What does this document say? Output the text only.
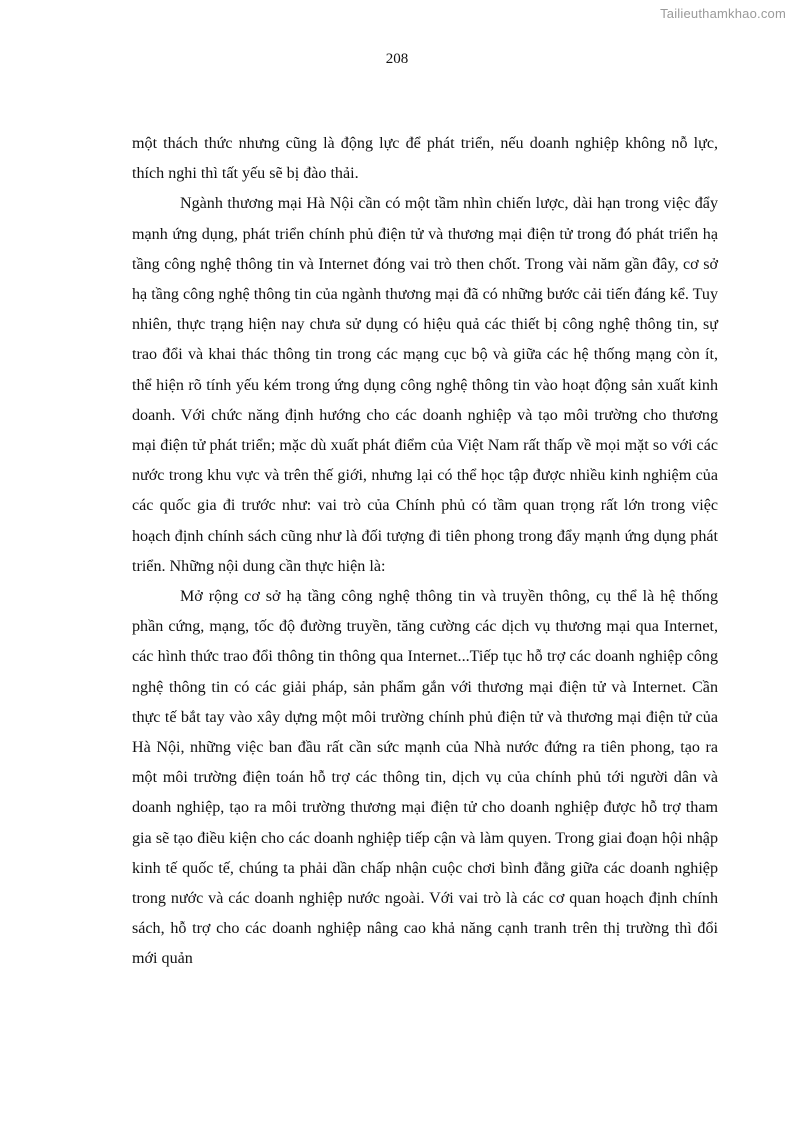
Tailieuthamkhao.com
208

một thách thức nhưng cũng là động lực để phát triển, nếu doanh nghiệp không nỗ lực, thích nghi thì tất yếu sẽ bị đào thải.

Ngành thương mại Hà Nội cần có một tầm nhìn chiến lược, dài hạn trong việc đẩy mạnh ứng dụng, phát triển chính phủ điện tử và thương mại điện tử trong đó phát triển hạ tầng công nghệ thông tin và Internet đóng vai trò then chốt. Trong vài năm gần đây, cơ sở hạ tầng công nghệ thông tin của ngành thương mại đã có những bước cải tiến đáng kể. Tuy nhiên, thực trạng hiện nay chưa sử dụng có hiệu quả các thiết bị công nghệ thông tin, sự trao đổi và khai thác thông tin trong các mạng cục bộ và giữa các hệ thống mạng còn ít, thể hiện rõ tính yếu kém trong ứng dụng công nghệ thông tin vào hoạt động sản xuất kinh doanh. Với chức năng định hướng cho các doanh nghiệp và tạo môi trường cho thương mại điện tử phát triển; mặc dù xuất phát điểm của Việt Nam rất thấp về mọi mặt so với các nước trong khu vực và trên thế giới, nhưng lại có thể học tập được nhiều kinh nghiệm của các quốc gia đi trước như: vai trò của Chính phủ có tầm quan trọng rất lớn trong việc hoạch định chính sách cũng như là đối tượng đi tiên phong trong đẩy mạnh ứng dụng phát triển. Những nội dung cần thực hiện là:

Mở rộng cơ sở hạ tầng công nghệ thông tin và truyền thông, cụ thể là hệ thống phần cứng, mạng, tốc độ đường truyền, tăng cường các dịch vụ thương mại qua Internet, các hình thức trao đổi thông tin thông qua Internet...Tiếp tục hỗ trợ các doanh nghiệp công nghệ thông tin có các giải pháp, sản phẩm gắn với thương mại điện tử và Internet. Cần thực tế bắt tay vào xây dựng một môi trường chính phủ điện tử và thương mại điện tử của Hà Nội, những việc ban đầu rất cần sức mạnh của Nhà nước đứng ra tiên phong, tạo ra một môi trường điện toán hỗ trợ các thông tin, dịch vụ của chính phủ tới người dân và doanh nghiệp, tạo ra môi trường thương mại điện tử cho doanh nghiệp được hỗ trợ tham gia sẽ tạo điều kiện cho các doanh nghiệp tiếp cận và làm quyen. Trong giai đoạn hội nhập kinh tế quốc tế, chúng ta phải dần chấp nhận cuộc chơi bình đẳng giữa các doanh nghiệp trong nước và các doanh nghiệp nước ngoài. Với vai trò là các cơ quan hoạch định chính sách, hỗ trợ cho các doanh nghiệp nâng cao khả năng cạnh tranh trên thị trường thì đổi mới quản
